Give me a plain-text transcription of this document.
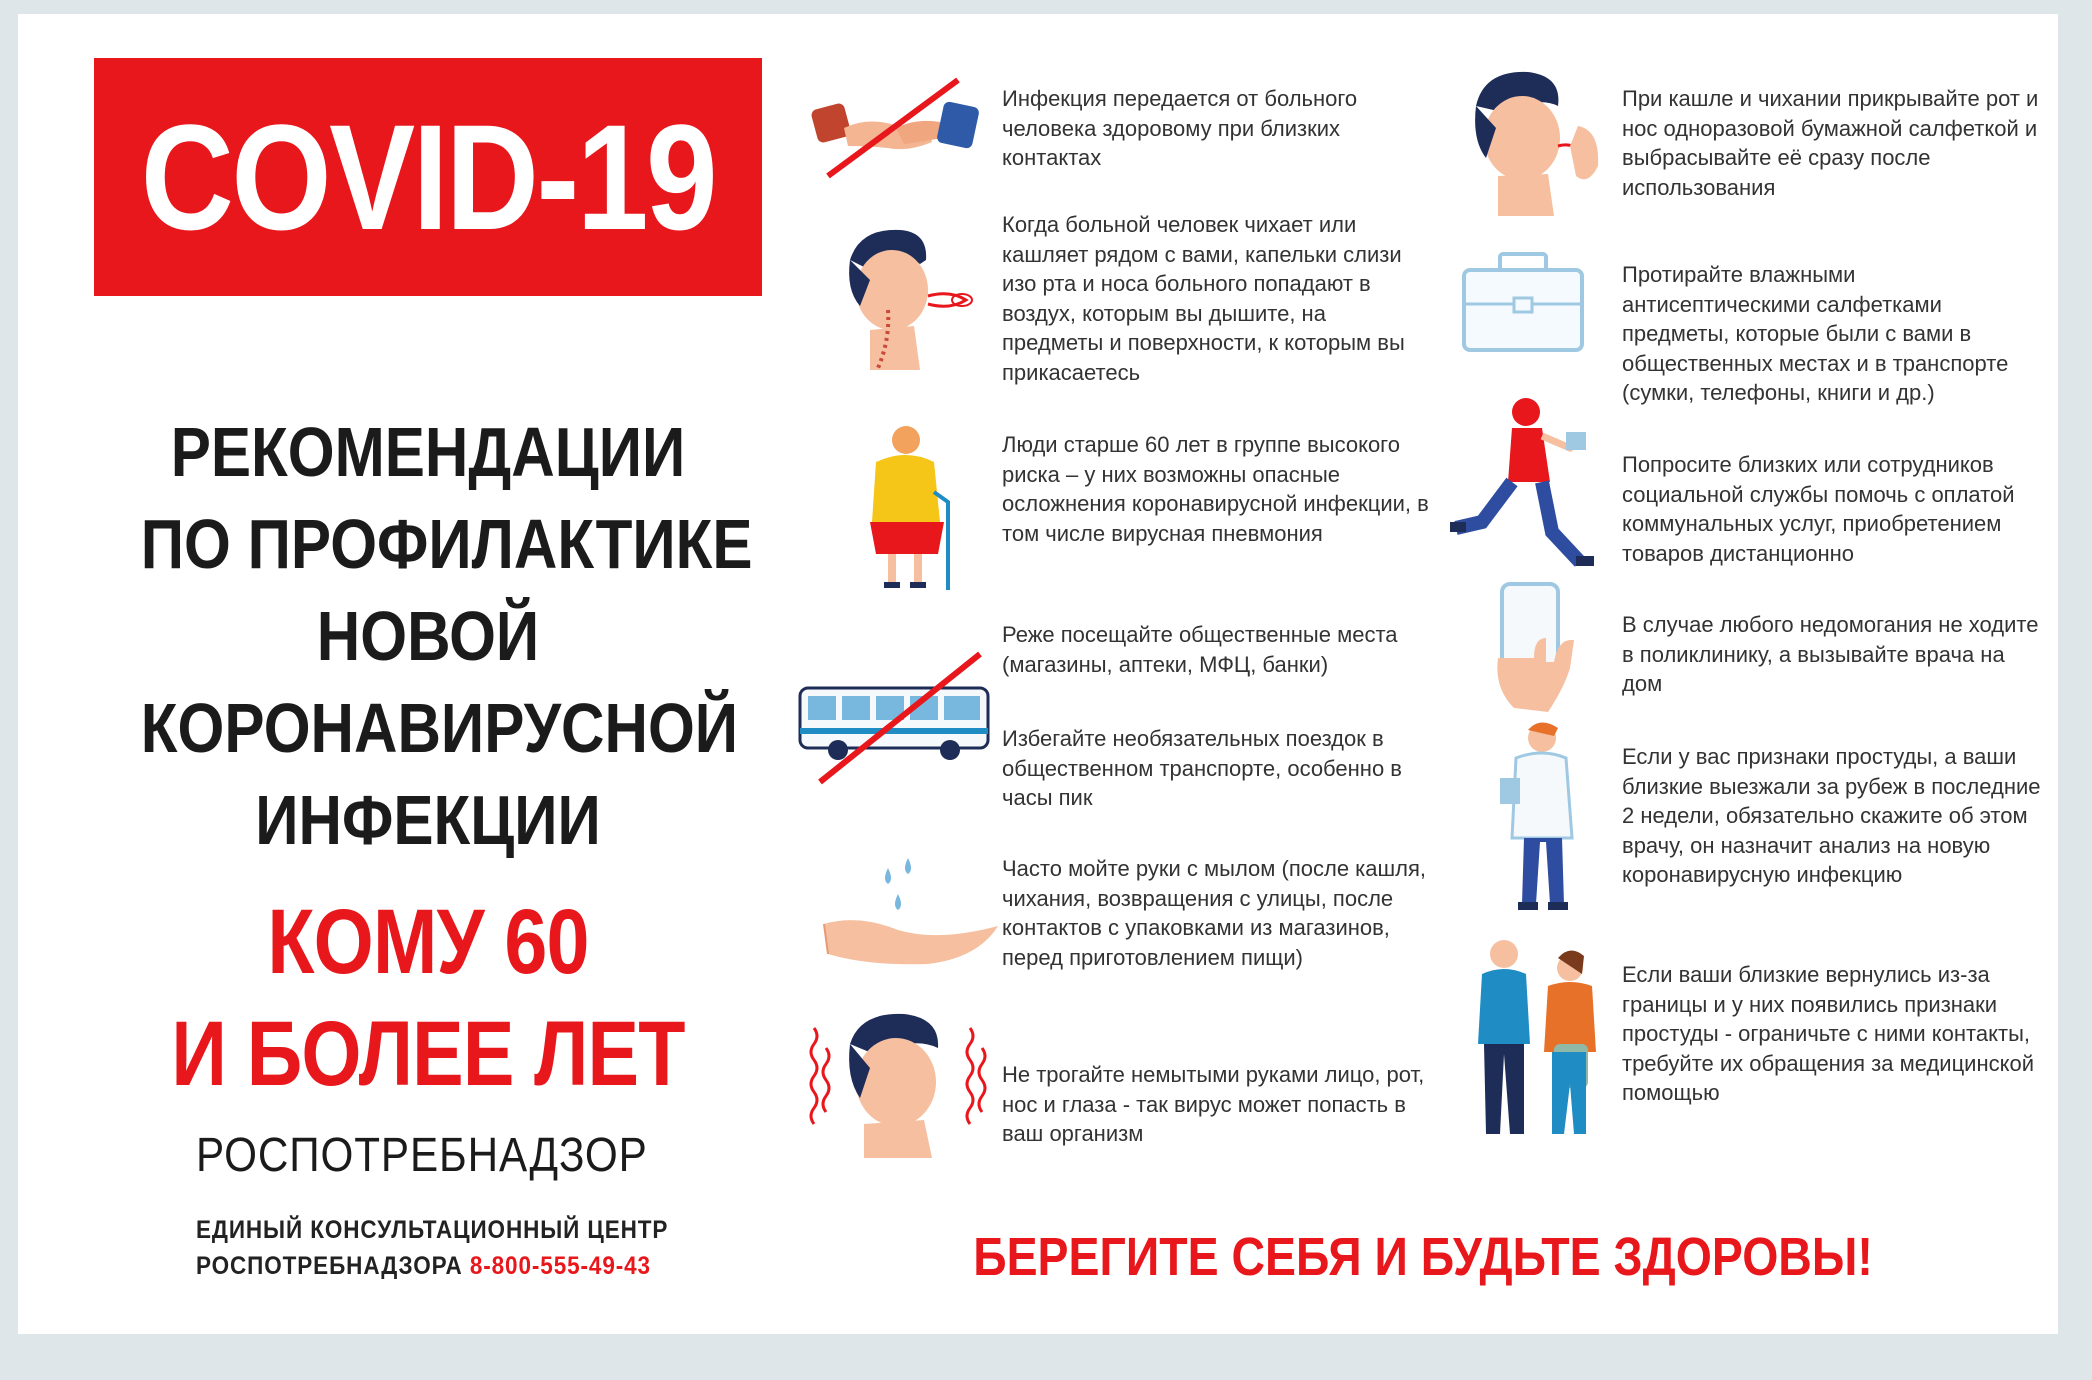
COVID-19
РЕКОМЕНДАЦИИ
ПО ПРОФИЛАКТИКЕ
НОВОЙ
КОРОНАВИРУСНОЙ
ИНФЕКЦИИ
КОМУ 60
И БОЛЕЕ ЛЕТ
РОСПОТРЕБНАДЗОР
ЕДИНЫЙ КОНСУЛЬТАЦИОННЫЙ ЦЕНТР
РОСПОТРЕБНАДЗОРА 8-800-555-49-43
Инфекция передается от больного человека здоровому при близких контактах
Когда больной человек чихает или кашляет рядом с вами, капельки слизи изо рта и носа больного попадают в воздух, которым вы дышите, на предметы и поверхности, к которым вы прикасаетесь
Люди старше 60 лет в группе высокого риска – у них возможны опасные осложнения коронавирусной инфекции, в том числе вирусная пневмония
Реже посещайте общественные места (магазины, аптеки, МФЦ, банки)
Избегайте необязательных поездок в общественном транспорте, особенно в часы пик
Часто мойте руки с мылом (после кашля, чихания, возвращения с улицы, после контактов с упаковками из магазинов, перед приготовлением пищи)
Не трогайте немытыми руками лицо, рот, нос и глаза - так вирус может попасть в ваш организм
При кашле и чихании прикрывайте рот и нос одноразовой бумажной салфеткой и выбрасывайте её сразу после использования
Протирайте влажными антисептическими салфетками предметы, которые были с вами в общественных местах и в транспорте (сумки, телефоны, книги и др.)
Попросите близких или сотрудников социальной службы помочь с оплатой коммунальных услуг, приобретением товаров дистанционно
В случае любого недомогания не ходите в поликлинику, а вызывайте врача на дом
Если у вас признаки простуды, а ваши близкие выезжали за рубеж в последние 2 недели, обязательно скажите об этом врачу, он назначит анализ на новую коронавирусную инфекцию
Если ваши близкие вернулись из-за границы и у них появились признаки простуды - ограничьте с ними контакты, требуйте их обращения за медицинской помощью
БЕРЕГИТЕ СЕБЯ И БУДЬТЕ ЗДОРОВЫ!
